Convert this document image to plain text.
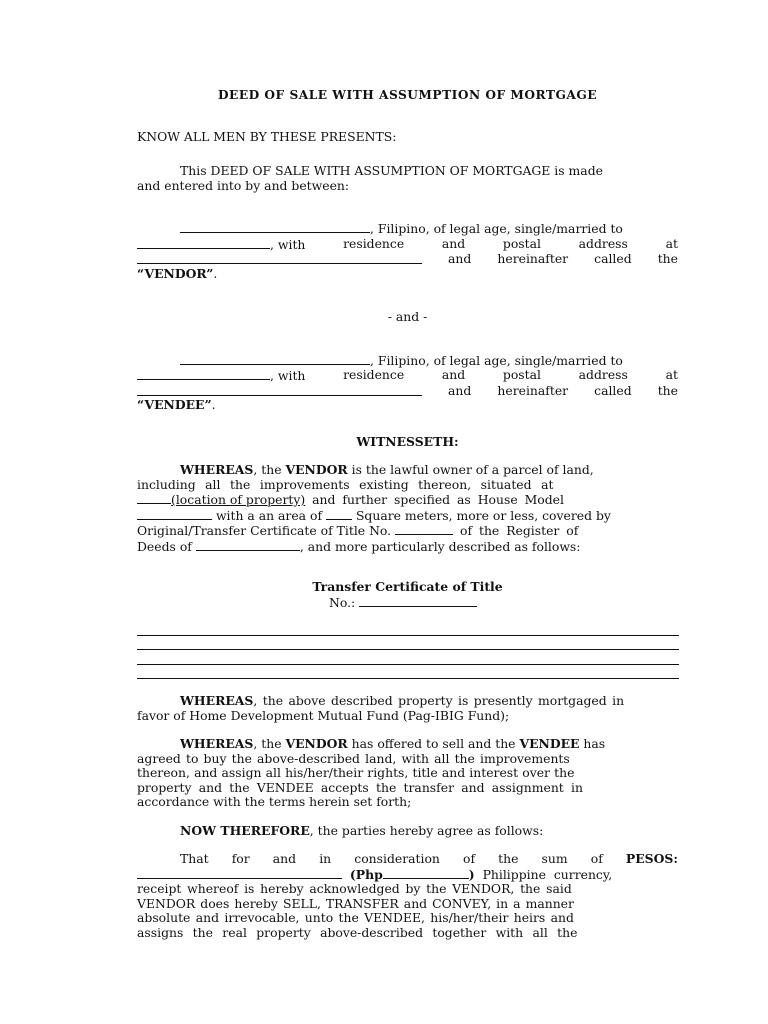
DEED OF SALE WITH ASSUMPTION OF MORTGAGE

KNOW ALL MEN BY THESE PRESENTS:

This DEED OF SALE WITH ASSUMPTION OF MORTGAGE is made

and entered into by and between:

, Filipino, of legal age, single/married to
, with	residence	and	postal	address	at
and hereinafter called the

“VENDOR”.

- and -

, Filipino, of legal age, single/married to
, with	residence	and	postal	address	at
and hereinafter called the

“VENDEE”.

WITNESSETH:

WHEREAS, the VENDOR is the lawful owner of a parcel of land,

including all the improvements existing thereon, situated at

(location of property) and further specified as House Model

with a an area of  Square meters, more or less, covered by

Original/Transfer Certificate of Title No.	of the Register of

Deeds of	, and more particularly described as follows:

Transfer Certificate of Title

No.:

WHEREAS, the above described property is presently mortgaged in

favor of Home Development Mutual Fund (Pag-IBIG Fund);

WHEREAS, the VENDOR has offered to sell and the VENDEE has

agreed to buy the above-described land, with all the improvements

thereon, and assign all his/her/their rights, title and interest over the

property and the VENDEE accepts the transfer and assignment in

accordance with the terms herein set forth;

NOW THEREFORE, the parties hereby agree as follows:

That for and in consideration of the sum of PESOS:

(Php	) Philippine currency,

receipt whereof is hereby acknowledged by the VENDOR, the said

VENDOR does hereby SELL, TRANSFER and CONVEY, in a manner

absolute and irrevocable, unto the VENDEE, his/her/their heirs and

assigns the real property above-described together with all the
